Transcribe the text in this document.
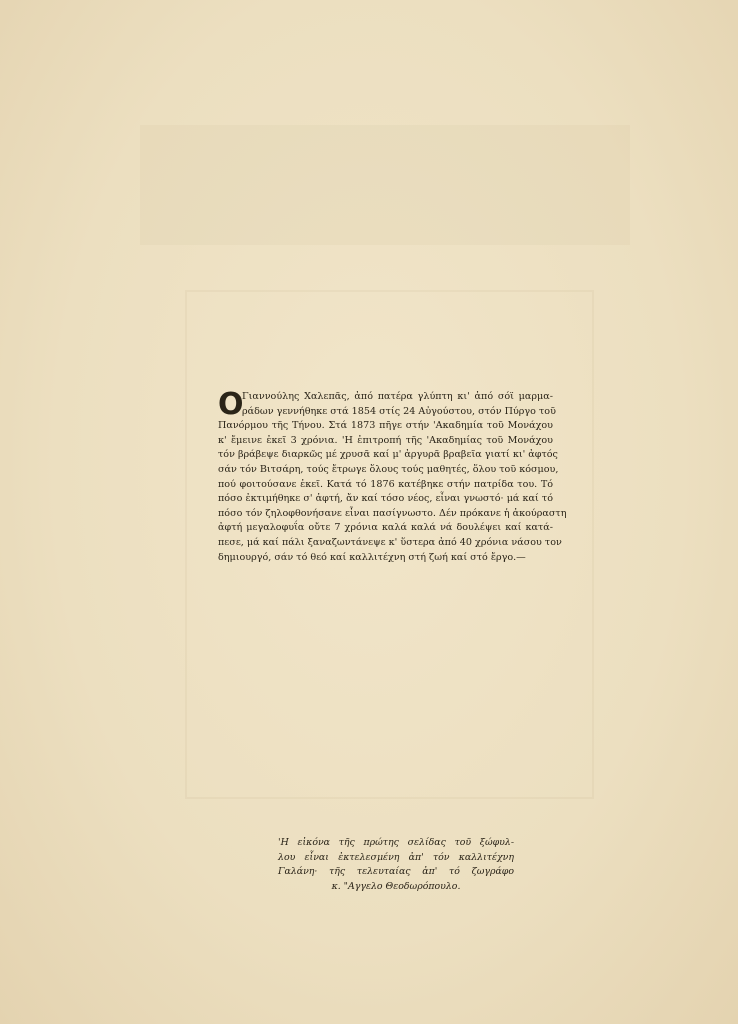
O
Γιαννούλης Χαλεπᾶς, ἀπό πατέρα γλύπτη κι' ἀπό σόϊ μαρμα-
ράδων γεννήθηκε στά 1854 στίς 24 Αὐγούστου, στόν Πύργο τοῦ
Πανόρμου τῆς Τήνου. Στά 1873 πῆγε στήν 'Ακαδημία τοῦ Μονάχου
κ' ἔμεινε ἐκεῖ 3 χρόνια. 'Η ἐπιτροπή τῆς 'Ακαδημίας τοῦ Μονάχου
τόν βράβεψε διαρκῶς μέ χρυσᾶ καί μ' ἀργυρᾶ βραβεῖα γιατί κι' ἀφτός
σάν τόν Βιτσάρη, τούς ἔτρωγε ὅλους τούς μαθητές, ὅλου τοῦ κόσμου,
πού φοιτούσανε ἐκεῖ. Κατά τό 1876 κατέβηκε στήν πατρίδα του. Τό
πόσο ἐκτιμήθηκε σ' ἀφτή, ἄν καί τόσο νέος, εἶναι γνωστό· μά καί τό
πόσο τόν ζηλοφθονήσανε εἶναι πασίγνωστο. Δέν πρόκανε ἡ ἀκούραστη
ἀφτή μεγαλοφυΐα οὔτε 7 χρόνια καλά καλά νά δουλέψει καί κατά-
πεσε, μά καί πάλι ξαναζωντάνεψε κ' ὕστερα ἀπό 40 χρόνια νάσου τον
δημιουργό, σάν τό θεό καί καλλιτέχνη στή ζωή καί στό ἔργο.—
'Η εἰκόνα τῆς πρώτης σελίδας τοῦ ξώφυλ-
λου εἶναι ἐκτελεσμένη ἀπ' τόν καλλιτέχνη
Γαλάνη· τῆς τελευταίας ἀπ' τό ζωγράφο
κ. "Αγγελο Θεοδωρόπουλο.
